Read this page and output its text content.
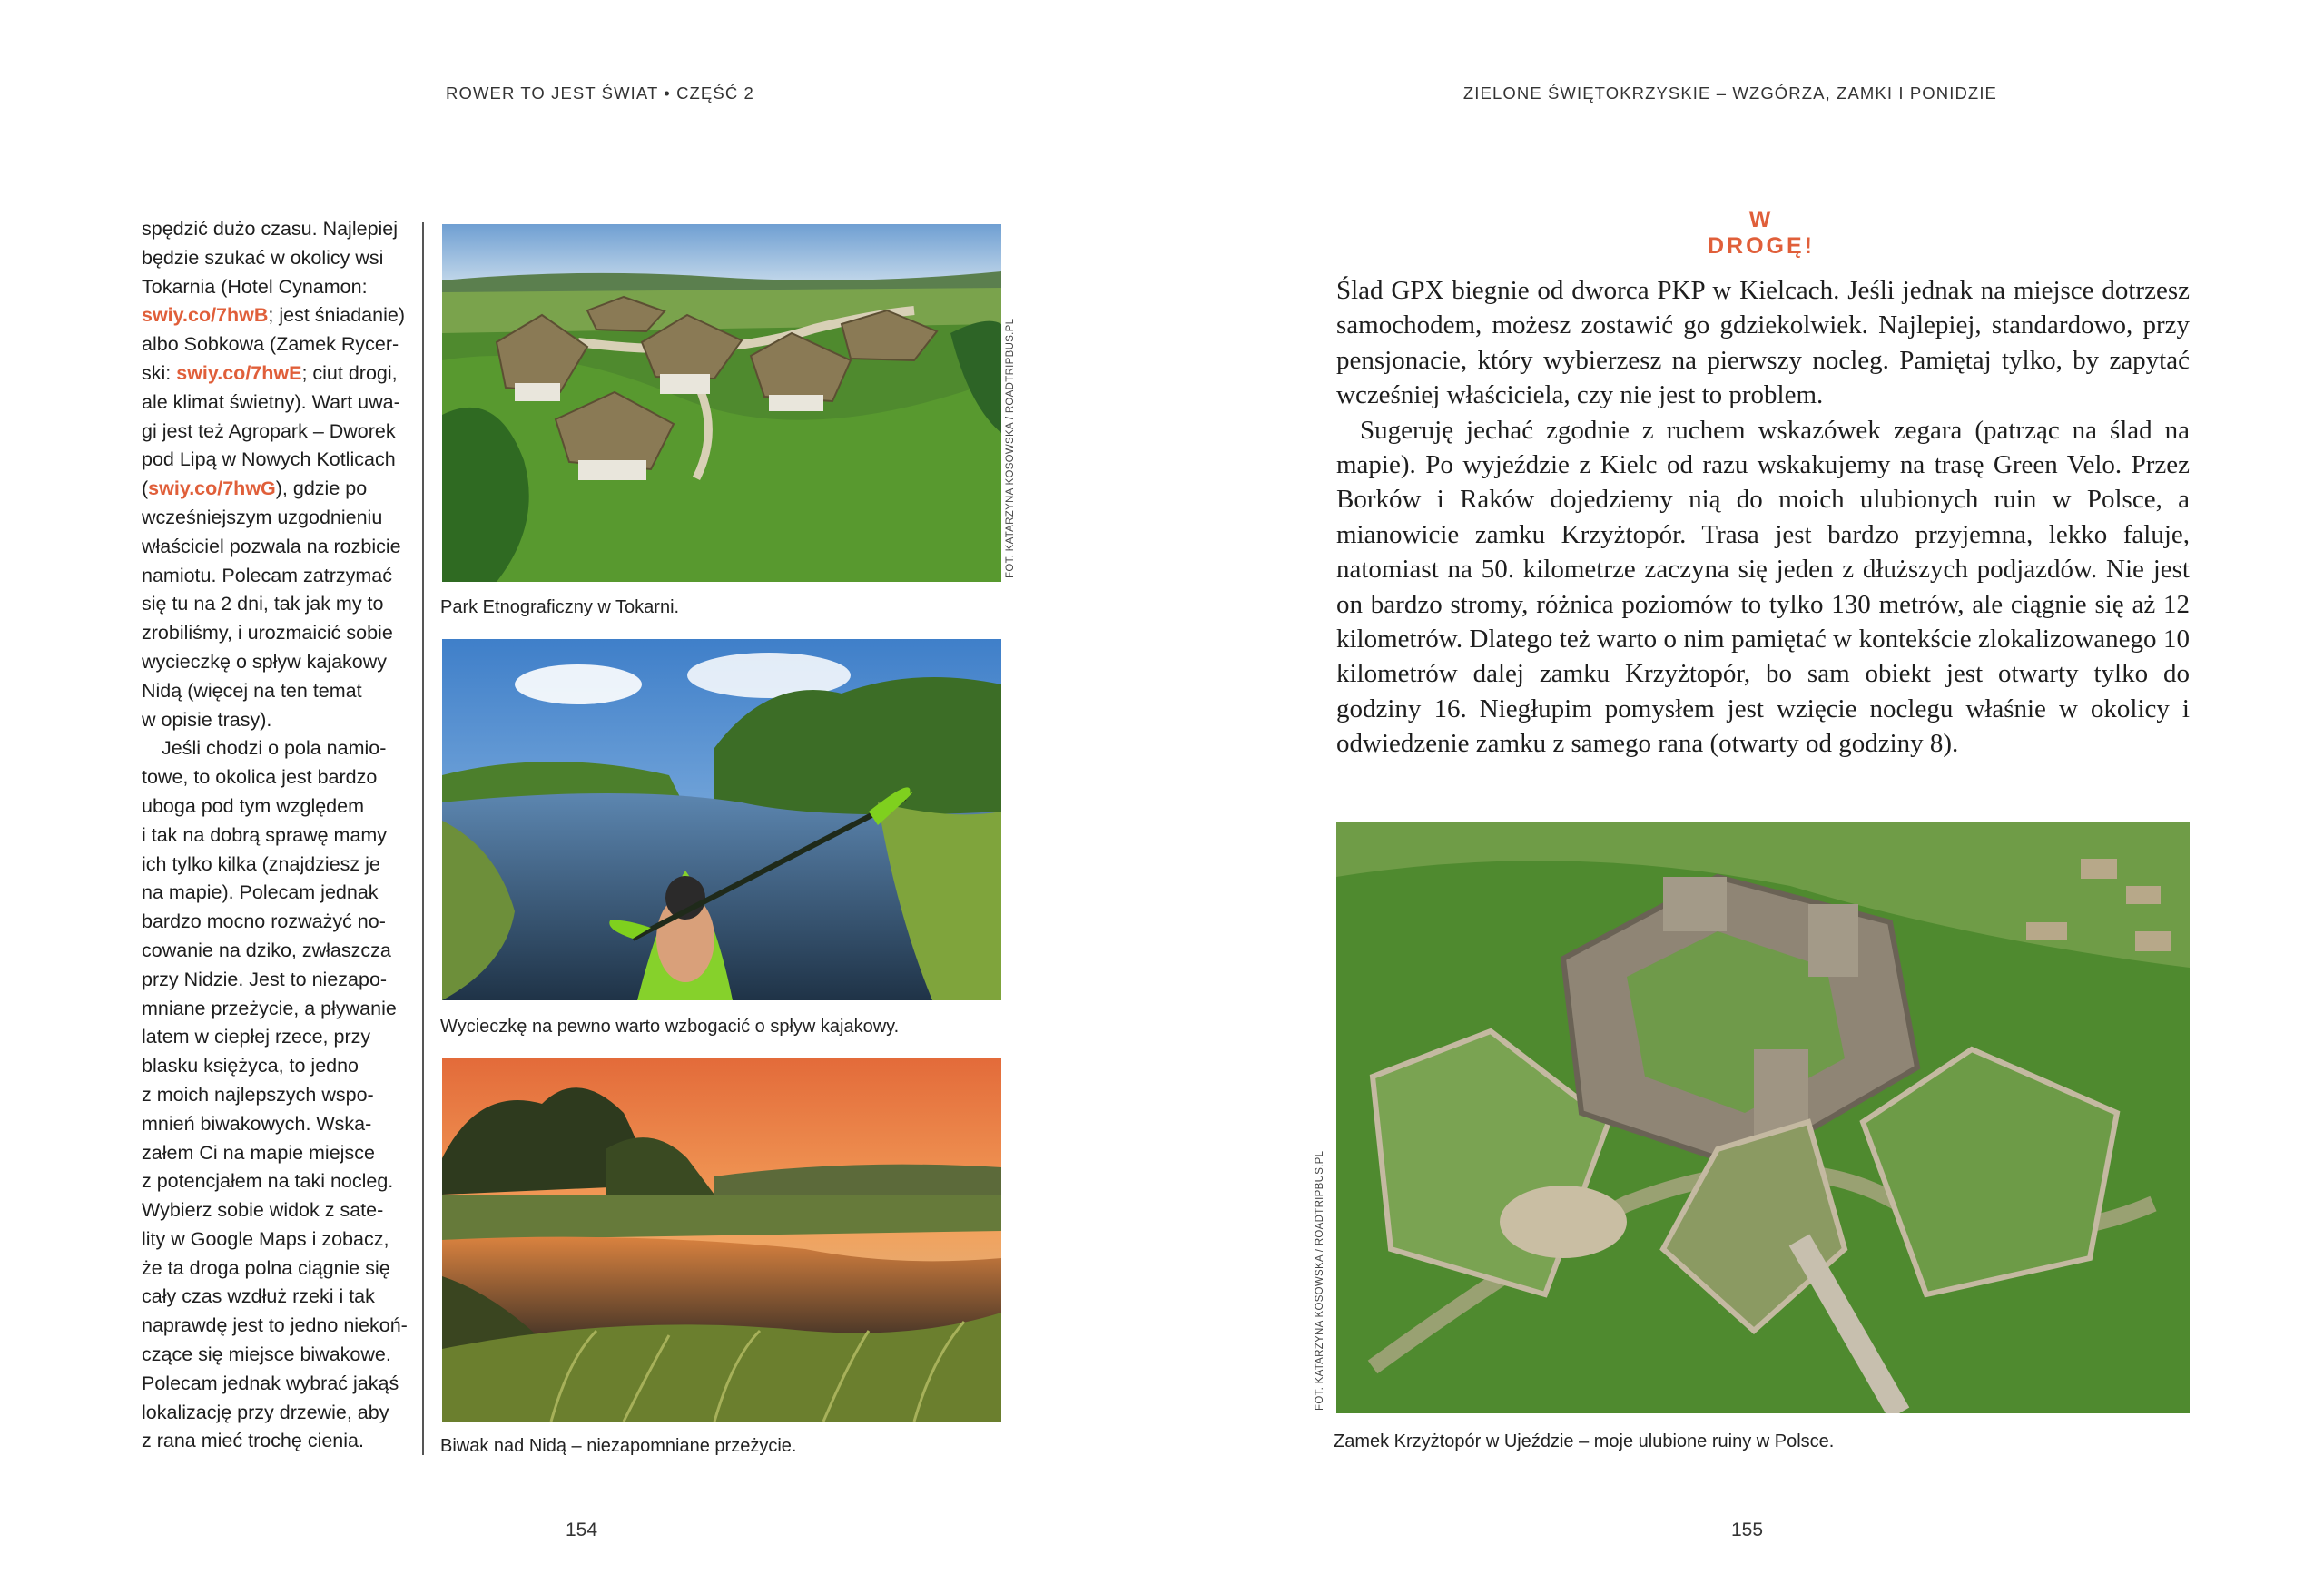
ROWER TO JEST ŚWIAT • CZĘŚĆ 2	ZIELONE ŚWIĘTOKRZYSKIE – WZGÓRZA, ZAMKI I PONIDZIE
spędzić dużo czasu. Najlepiej
będzie szukać w okolicy wsi
Tokarnia (Hotel Cynamon:
swiy.co/7hwB; jest śniadanie)
albo Sobkowa (Zamek Rycer-
ski: swiy.co/7hwE; ciut drogi,
ale klimat świetny). Wart uwa-
gi jest też Agropark – Dworek
pod Lipą w Nowych Kotlicach
(swiy.co/7hwG), gdzie po
wcześniejszym uzgodnieniu
właściciel pozwala na rozbicie
namiotu. Polecam zatrzymać
się tu na 2 dni, tak jak my to
zrobiliśmy, i urozmaicić sobie
wycieczkę o spływ kajakowy
Nidą (więcej na ten temat
w opisie trasy).
Jeśli chodzi o pola namio-
towe, to okolica jest bardzo
uboga pod tym względem
i tak na dobrą sprawę mamy
ich tylko kilka (znajdziesz je
na mapie). Polecam jednak
bardzo mocno rozważyć no-
cowanie na dziko, zwłaszcza
przy Nidzie. Jest to niezapo-
mniane przeżycie, a pływanie
latem w ciepłej rzece, przy
blasku księżyca, to jedno
z moich najlepszych wspo-
mnień biwakowych. Wska-
załem Ci na mapie miejsce
z potencjałem na taki nocleg.
Wybierz sobie widok z sate-
lity w Google Maps i zobacz,
że ta droga polna ciągnie się
cały czas wzdłuż rzeki i tak
naprawdę jest to jedno niekoń-
czące się miejsce biwakowe.
Polecam jednak wybrać jakąś
lokalizację przy drzewie, aby
z rana mieć trochę cienia.
FOT. KATARZYNA KOSOWSKA / ROADTRIPBUS.PL
Park Etnograficzny w Tokarni.
Wycieczkę na pewno warto wzbogacić o spływ kajakowy.
Biwak nad Nidą – niezapomniane przeżycie.
W DROGĘ!

Ślad GPX biegnie od dworca PKP w Kielcach. Jeśli jednak na miejsce dotrzesz samochodem, możesz zostawić go gdziekolwiek. Najlepiej, standardowo, przy pensjonacie, który wybierzesz na pierwszy nocleg. Pamiętaj tylko, by zapytać wcześniej właściciela, czy nie jest to problem.

Sugeruję jechać zgodnie z ruchem wskazówek zegara (patrząc na ślad na mapie). Po wyjeździe z Kielc od razu wskakujemy na trasę Green Velo. Przez Borków i Raków dojedziemy nią do moich ulubionych ruin w Polsce, a mianowicie zamku Krzyżtopór. Trasa jest bardzo przyjemna, lekko faluje, natomiast na 50. kilometrze zaczyna się jeden z dłuższych podjazdów. Nie jest on bardzo stromy, różnica poziomów to tylko 130 metrów, ale ciągnie się aż 12 kilometrów. Dlatego też warto o nim pamiętać w kontekście zlokalizowanego 10 kilometrów dalej zamku Krzyżtopór, bo sam obiekt jest otwarty tylko do godziny 16. Niegłupim pomysłem jest wzięcie noclegu właśnie w okolicy i odwiedzenie zamku z samego rana (otwarty od godziny 8).

FOT. KATARZYNA KOSOWSKA / ROADTRIPBUS.PL
Zamek Krzyżtopór w Ujeździe – moje ulubione ruiny w Polsce.
154	155
